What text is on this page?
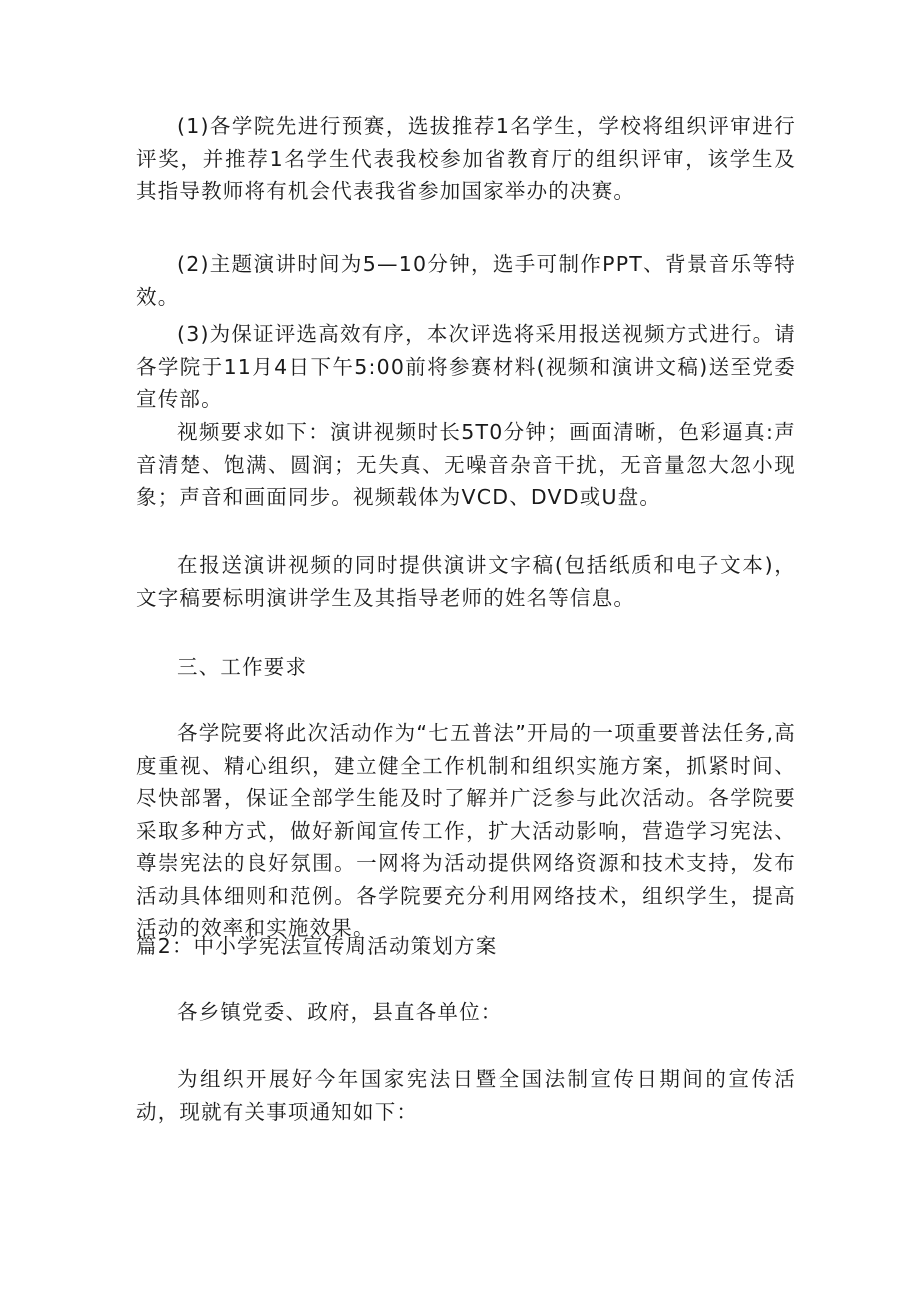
(1)各学院先进行预赛，选拔推荐1名学生，学校将组织评审进行评奖，并推荐1名学生代表我校参加省教育厅的组织评审，该学生及其指导教师将有机会代表我省参加国家举办的决赛。

(2)主题演讲时间为5—10分钟，选手可制作PPT、背景音乐等特效。

(3)为保证评选高效有序，本次评选将采用报送视频方式进行。请各学院于11月4日下午5:00前将参赛材料(视频和演讲文稿)送至党委宣传部。

视频要求如下：演讲视频时长5T0分钟；画面清晰，色彩逼真:声音清楚、饱满、圆润；无失真、无噪音杂音干扰，无音量忽大忽小现象；声音和画面同步。视频载体为VCD、DVD或U盘。

在报送演讲视频的同时提供演讲文字稿(包括纸质和电子文本)，文字稿要标明演讲学生及其指导老师的姓名等信息。

三、工作要求

各学院要将此次活动作为“七五普法”开局的一项重要普法任务,高度重视、精心组织，建立健全工作机制和组织实施方案，抓紧时间、尽快部署，保证全部学生能及时了解并广泛参与此次活动。各学院要采取多种方式，做好新闻宣传工作，扩大活动影响，营造学习宪法、尊崇宪法的良好氛围。一网将为活动提供网络资源和技术支持，发布活动具体细则和范例。各学院要充分利用网络技术，组织学生，提高活动的效率和实施效果。

篇2：中小学宪法宣传周活动策划方案

各乡镇党委、政府，县直各单位：

为组织开展好今年国家宪法日暨全国法制宣传日期间的宣传活动，现就有关事项通知如下：
